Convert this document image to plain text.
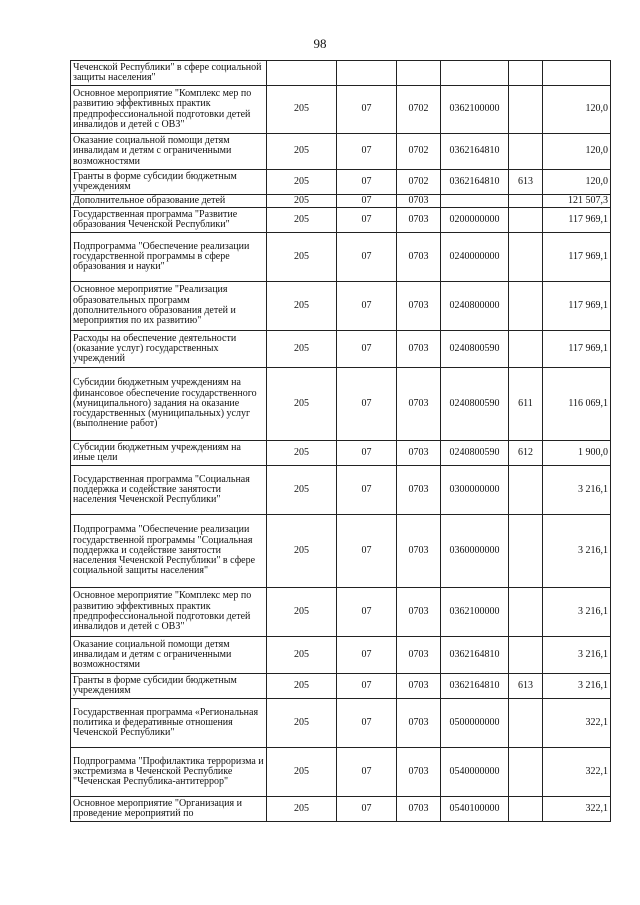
98
Чеченской Республики" в сфере социальной защиты населения"						
Основное мероприятие "Комплекс мер по развитию эффективных практик предпрофессиональной подготовки детей инвалидов и детей с ОВЗ"	205	07	0702	0362100000		120,0
Оказание социальной помощи детям инвалидам и детям с ограниченными возможностями	205	07	0702	0362164810		120,0
Гранты в форме субсидии бюджетным учреждениям	205	07	0702	0362164810	613	120,0
Дополнительное образование детей	205	07	0703			121 507,3
Государственная программа "Развитие образования Чеченской Республики"	205	07	0703	0200000000		117 969,1
Подпрограмма "Обеспечение реализации государственной программы в сфере образования и науки"	205	07	0703	0240000000		117 969,1
Основное мероприятие "Реализация образовательных программ дополнительного образования детей и мероприятия по их развитию"	205	07	0703	0240800000		117 969,1
Расходы на обеспечение деятельности (оказание услуг) государственных учреждений	205	07	0703	0240800590		117 969,1
Субсидии бюджетным учреждениям на финансовое обеспечение государственного (муниципального) задания на оказание государственных (муниципальных) услуг (выполнение работ)	205	07	0703	0240800590	611	116 069,1
Субсидии бюджетным учреждениям на иные цели	205	07	0703	0240800590	612	1 900,0
Государственная программа "Социальная поддержка и содействие занятости населения Чеченской Республики"	205	07	0703	0300000000		3 216,1
Подпрограмма "Обеспечение реализации государственной программы "Социальная поддержка и содействие занятости населения Чеченской Республики" в сфере социальной защиты населения"	205	07	0703	0360000000		3 216,1
Основное мероприятие "Комплекс мер по развитию эффективных практик предпрофессиональной подготовки детей инвалидов и детей с ОВЗ"	205	07	0703	0362100000		3 216,1
Оказание социальной помощи детям инвалидам и детям с ограниченными возможностями	205	07	0703	0362164810		3 216,1
Гранты в форме субсидии бюджетным учреждениям	205	07	0703	0362164810	613	3 216,1
Государственная программа «Региональная политика и федеративные отношения Чеченской Республики"	205	07	0703	0500000000		322,1
Подпрограмма "Профилактика терроризма и экстремизма в Чеченской Республике "Чеченская Республика-антитеррор"	205	07	0703	0540000000		322,1
Основное мероприятие "Организация и проведение мероприятий по	205	07	0703	0540100000		322,1
